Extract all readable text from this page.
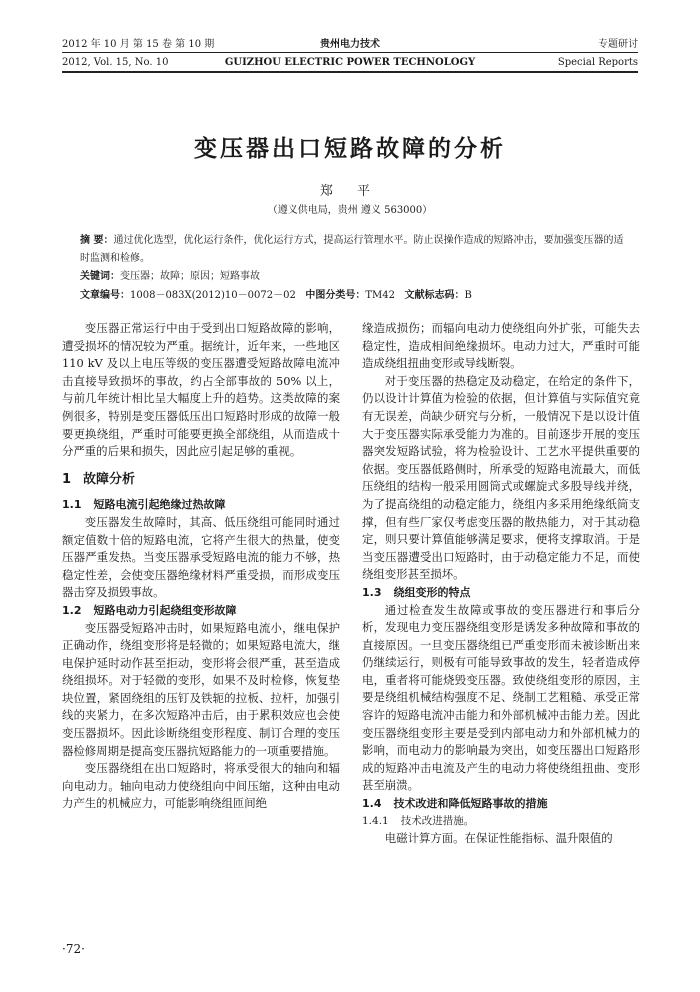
2012 年 10 月 第 15 卷 第 10 期
2012, Vol. 15, No. 10
贵州电力技术
GUIZHOU ELECTRIC POWER TECHNOLOGY
专题研讨
Special Reports
变压器出口短路故障的分析
郑 平
（遵义供电局，贵州 遵义 563000）
摘 要：通过优化选型，优化运行条件，优化运行方式，提高运行管理水平。防止误操作造成的短路冲击，要加强变压器的适时监测和检修。
关键词：变压器；故障；原因；短路事故
文章编号：1008－083X(2012)10－0072－02 中图分类号：TM42 文献标志码：B

变压器正常运行中由于受到出口短路故障的影响，遭受损坏的情况较为严重。据统计，近年来，一些地区 110 kV 及以上电压等级的变压器遭受短路故障电流冲击直接导致损坏的事故，约占全部事故的 50% 以上，与前几年统计相比呈大幅度上升的趋势。这类故障的案例很多，特别是变压器低压出口短路时形成的故障一般要更换绕组，严重时可能要更换全部绕组，从而造成十分严重的后果和损失，因此应引起足够的重视。

1 故障分析
1.1 短路电流引起绝缘过热故障

变压器发生故障时，其高、低压绕组可能同时通过额定值数十倍的短路电流，它将产生很大的热量，使变压器严重发热。当变压器承受短路电流的能力不够，热稳定性差，会使变压器绝缘材料严重受损，而形成变压器击穿及损毁事故。

1.2 短路电动力引起绕组变形故障

变压器受短路冲击时，如果短路电流小，继电保护正确动作，绕组变形将是轻微的；如果短路电流大，继电保护延时动作甚至拒动，变形将会很严重，甚至造成绕组损坏。对于轻微的变形，如果不及时检修，恢复垫块位置，紧固绕组的压钉及铁轭的拉板、拉杆，加强引线的夹紧力，在多次短路冲击后，由于累积效应也会使变压器损坏。因此诊断绕组变形程度、制订合理的变压器检修周期是提高变压器抗短路能力的一项重要措施。

变压器绕组在出口短路时，将承受很大的轴向和辐向电动力。轴向电动力使绕组向中间压缩，这种由电动力产生的机械应力，可能影响绕组匝间绝

缘造成损伤；而辐向电动力使绕组向外扩张，可能失去稳定性，造成相间绝缘损坏。电动力过大，严重时可能造成绕组扭曲变形或导线断裂。

对于变压器的热稳定及动稳定，在给定的条件下，仍以设计计算值为检验的依据，但计算值与实际值究竟有无误差，尚缺少研究与分析，一般情况下是以设计值大于变压器实际承受能力为准的。目前逐步开展的变压器突发短路试验，将为检验设计、工艺水平提供重要的依据。变压器低路侧时，所承受的短路电流最大，而低压绕组的结构一般采用圆筒式或螺旋式多股导线并绕，为了提高绕组的动稳定能力，绕组内多采用绝缘纸筒支撑，但有些厂家仅考虑变压器的散热能力，对于其动稳定，则只要计算值能够满足要求，便将支撑取消。于是当变压器遭受出口短路时，由于动稳定能力不足，而使绕组变形甚至损坏。

1.3 绕组变形的特点

通过检查发生故障或事故的变压器进行和事后分析，发现电力变压器绕组变形是诱发多种故障和事故的直接原因。一旦变压器绕组已严重变形而未被诊断出来仍继续运行，则极有可能导致事故的发生，轻者造成停电，重者将可能烧毁变压器。致使绕组变形的原因，主要是绕组机械结构强度不足、绕制工艺粗糙、承受正常容许的短路电流冲击能力和外部机械冲击能力差。因此变压器绕组变形主要是受到内部电动力和外部机械力的影响，而电动力的影响最为突出，如变压器出口短路形成的短路冲击电流及产生的电动力将使绕组扭曲、变形甚至崩溃。

1.4 技术改进和降低短路事故的措施
1.4.1 技术改进措施。

电磁计算方面。在保证性能指标、温升限值的

·72·
